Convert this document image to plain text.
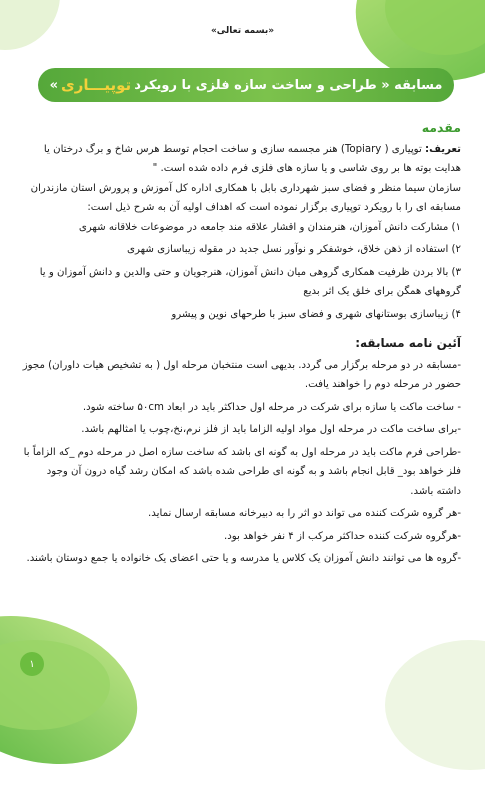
«بسمه تعالی»
مسابقه « طراحی و ساخت سازه فلزی با رویکرد
توپیـــاری
»
مقدمه

تعریف: توپیاری ( Topiary) هنر مجسمه سازی و ساخت احجام توسط هرس شاخ و برگ درختان یا هدایت بوته ها بر روی شاسی و یا سازه های فلزی فرم داده شده است. "

سازمان سیما منظر و فضای سبز شهرداری بابل با همکاری اداره کل آموزش و پرورش استان مازندران مسابقه ای را با رویکرد توپیاری برگزار نموده است که اهداف اولیه آن به شرح ذیل است:

۱) مشارکت دانش آموزان، هنرمندان و اقشار علاقه مند جامعه در موضوعات خلاقانه شهری

۲) استفاده از ذهن خلاق، خوشفکر و نوآور نسل جدید در مقوله زیباسازی شهری

۳) بالا بردن ظرفیت همکاری گروهی میان دانش آموزان، هنرجویان و حتی والدین و دانش آموزان و یا گروههای همگن برای خلق یک اثر بدیع

۴) زیباسازی بوستانهای شهری و فضای سبز با طرحهای نوین و پیشرو

آئین نامه مسابقه:

-مسابقه در دو مرحله برگزار می گردد. بدیهی است منتخبان مرحله اول ( به تشخیص هیات داوران) مجوز حضور در مرحله دوم را خواهند یافت.

- ساخت ماکت یا سازه برای شرکت در مرحله اول حداکثر باید در ابعاد ۵۰cm ساخته شود.

-برای ساخت ماکت در مرحله اول مواد اولیه الزاما باید از فلز نرم،نخ،چوب یا امثالهم باشد.

-طراحی فرم ماکت باید در مرحله اول به گونه ای باشد که ساخت سازه اصل در مرحله دوم _که الزاماً با فلز خواهد بود_ قابل انجام باشد و به گونه ای طراحی شده باشد که امکان رشد گیاه درون آن وجود داشته باشد.

-هر گروه شرکت کننده می تواند دو اثر را به دبیرخانه مسابقه ارسال نماید.

-هرگروه شرکت کننده حداکثر مرکب از ۴ نفر خواهد بود.

-گروه ها می توانند دانش آموزان یک کلاس یا مدرسه و یا حتی اعضای یک خانواده یا جمع دوستان باشند.

۱
